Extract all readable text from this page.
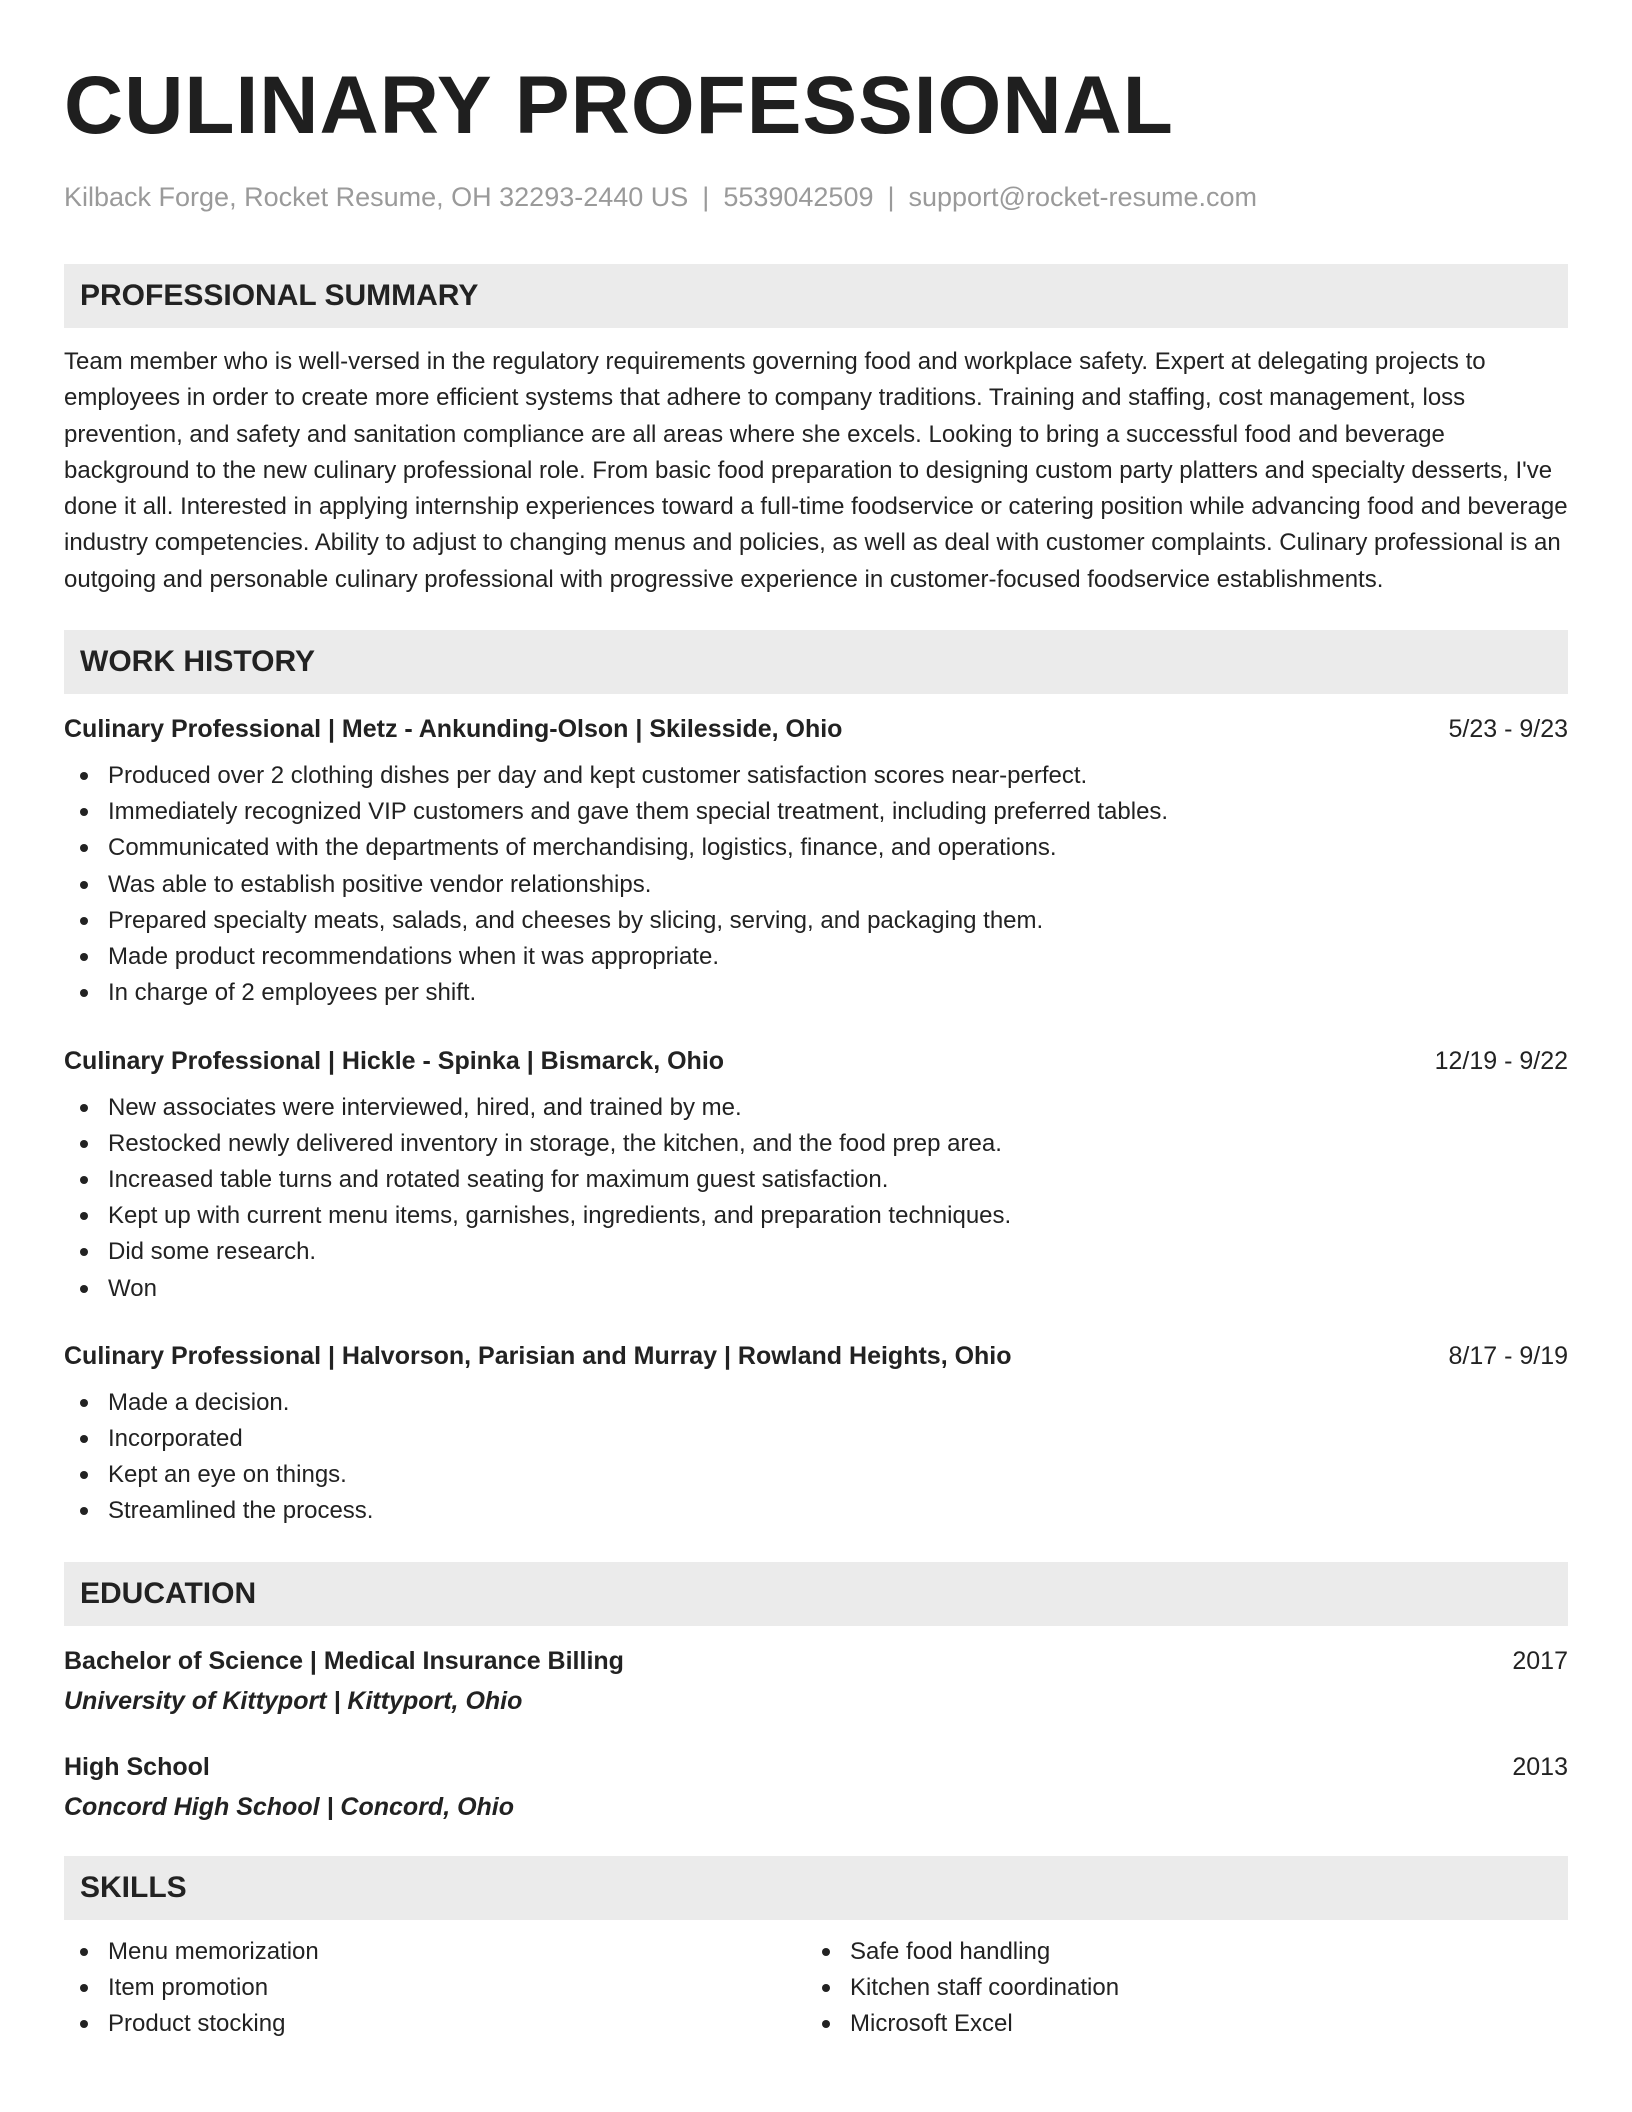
CULINARY PROFESSIONAL
Kilback Forge, Rocket Resume, OH 32293-2440 US | 5539042509 | support@rocket-resume.com
PROFESSIONAL SUMMARY
Team member who is well-versed in the regulatory requirements governing food and workplace safety. Expert at delegating projects to employees in order to create more efficient systems that adhere to company traditions. Training and staffing, cost management, loss prevention, and safety and sanitation compliance are all areas where she excels. Looking to bring a successful food and beverage background to the new culinary professional role. From basic food preparation to designing custom party platters and specialty desserts, I've done it all. Interested in applying internship experiences toward a full-time foodservice or catering position while advancing food and beverage industry competencies. Ability to adjust to changing menus and policies, as well as deal with customer complaints. Culinary professional is an outgoing and personable culinary professional with progressive experience in customer-focused foodservice establishments.
WORK HISTORY
Culinary Professional | Metz - Ankunding-Olson | Skilesside, Ohio	5/23 - 9/23
Produced over 2 clothing dishes per day and kept customer satisfaction scores near-perfect.
Immediately recognized VIP customers and gave them special treatment, including preferred tables.
Communicated with the departments of merchandising, logistics, finance, and operations.
Was able to establish positive vendor relationships.
Prepared specialty meats, salads, and cheeses by slicing, serving, and packaging them.
Made product recommendations when it was appropriate.
In charge of 2 employees per shift.
Culinary Professional | Hickle - Spinka | Bismarck, Ohio	12/19 - 9/22
New associates were interviewed, hired, and trained by me.
Restocked newly delivered inventory in storage, the kitchen, and the food prep area.
Increased table turns and rotated seating for maximum guest satisfaction.
Kept up with current menu items, garnishes, ingredients, and preparation techniques.
Did some research.
Won
Culinary Professional | Halvorson, Parisian and Murray | Rowland Heights, Ohio	8/17 - 9/19
Made a decision.
Incorporated
Kept an eye on things.
Streamlined the process.
EDUCATION
Bachelor of Science | Medical Insurance Billing	2017
University of Kittyport | Kittyport, Ohio
High School	2013
Concord High School | Concord, Ohio
SKILLS
Menu memorization
Item promotion
Product stocking
Safe food handling
Kitchen staff coordination
Microsoft Excel
